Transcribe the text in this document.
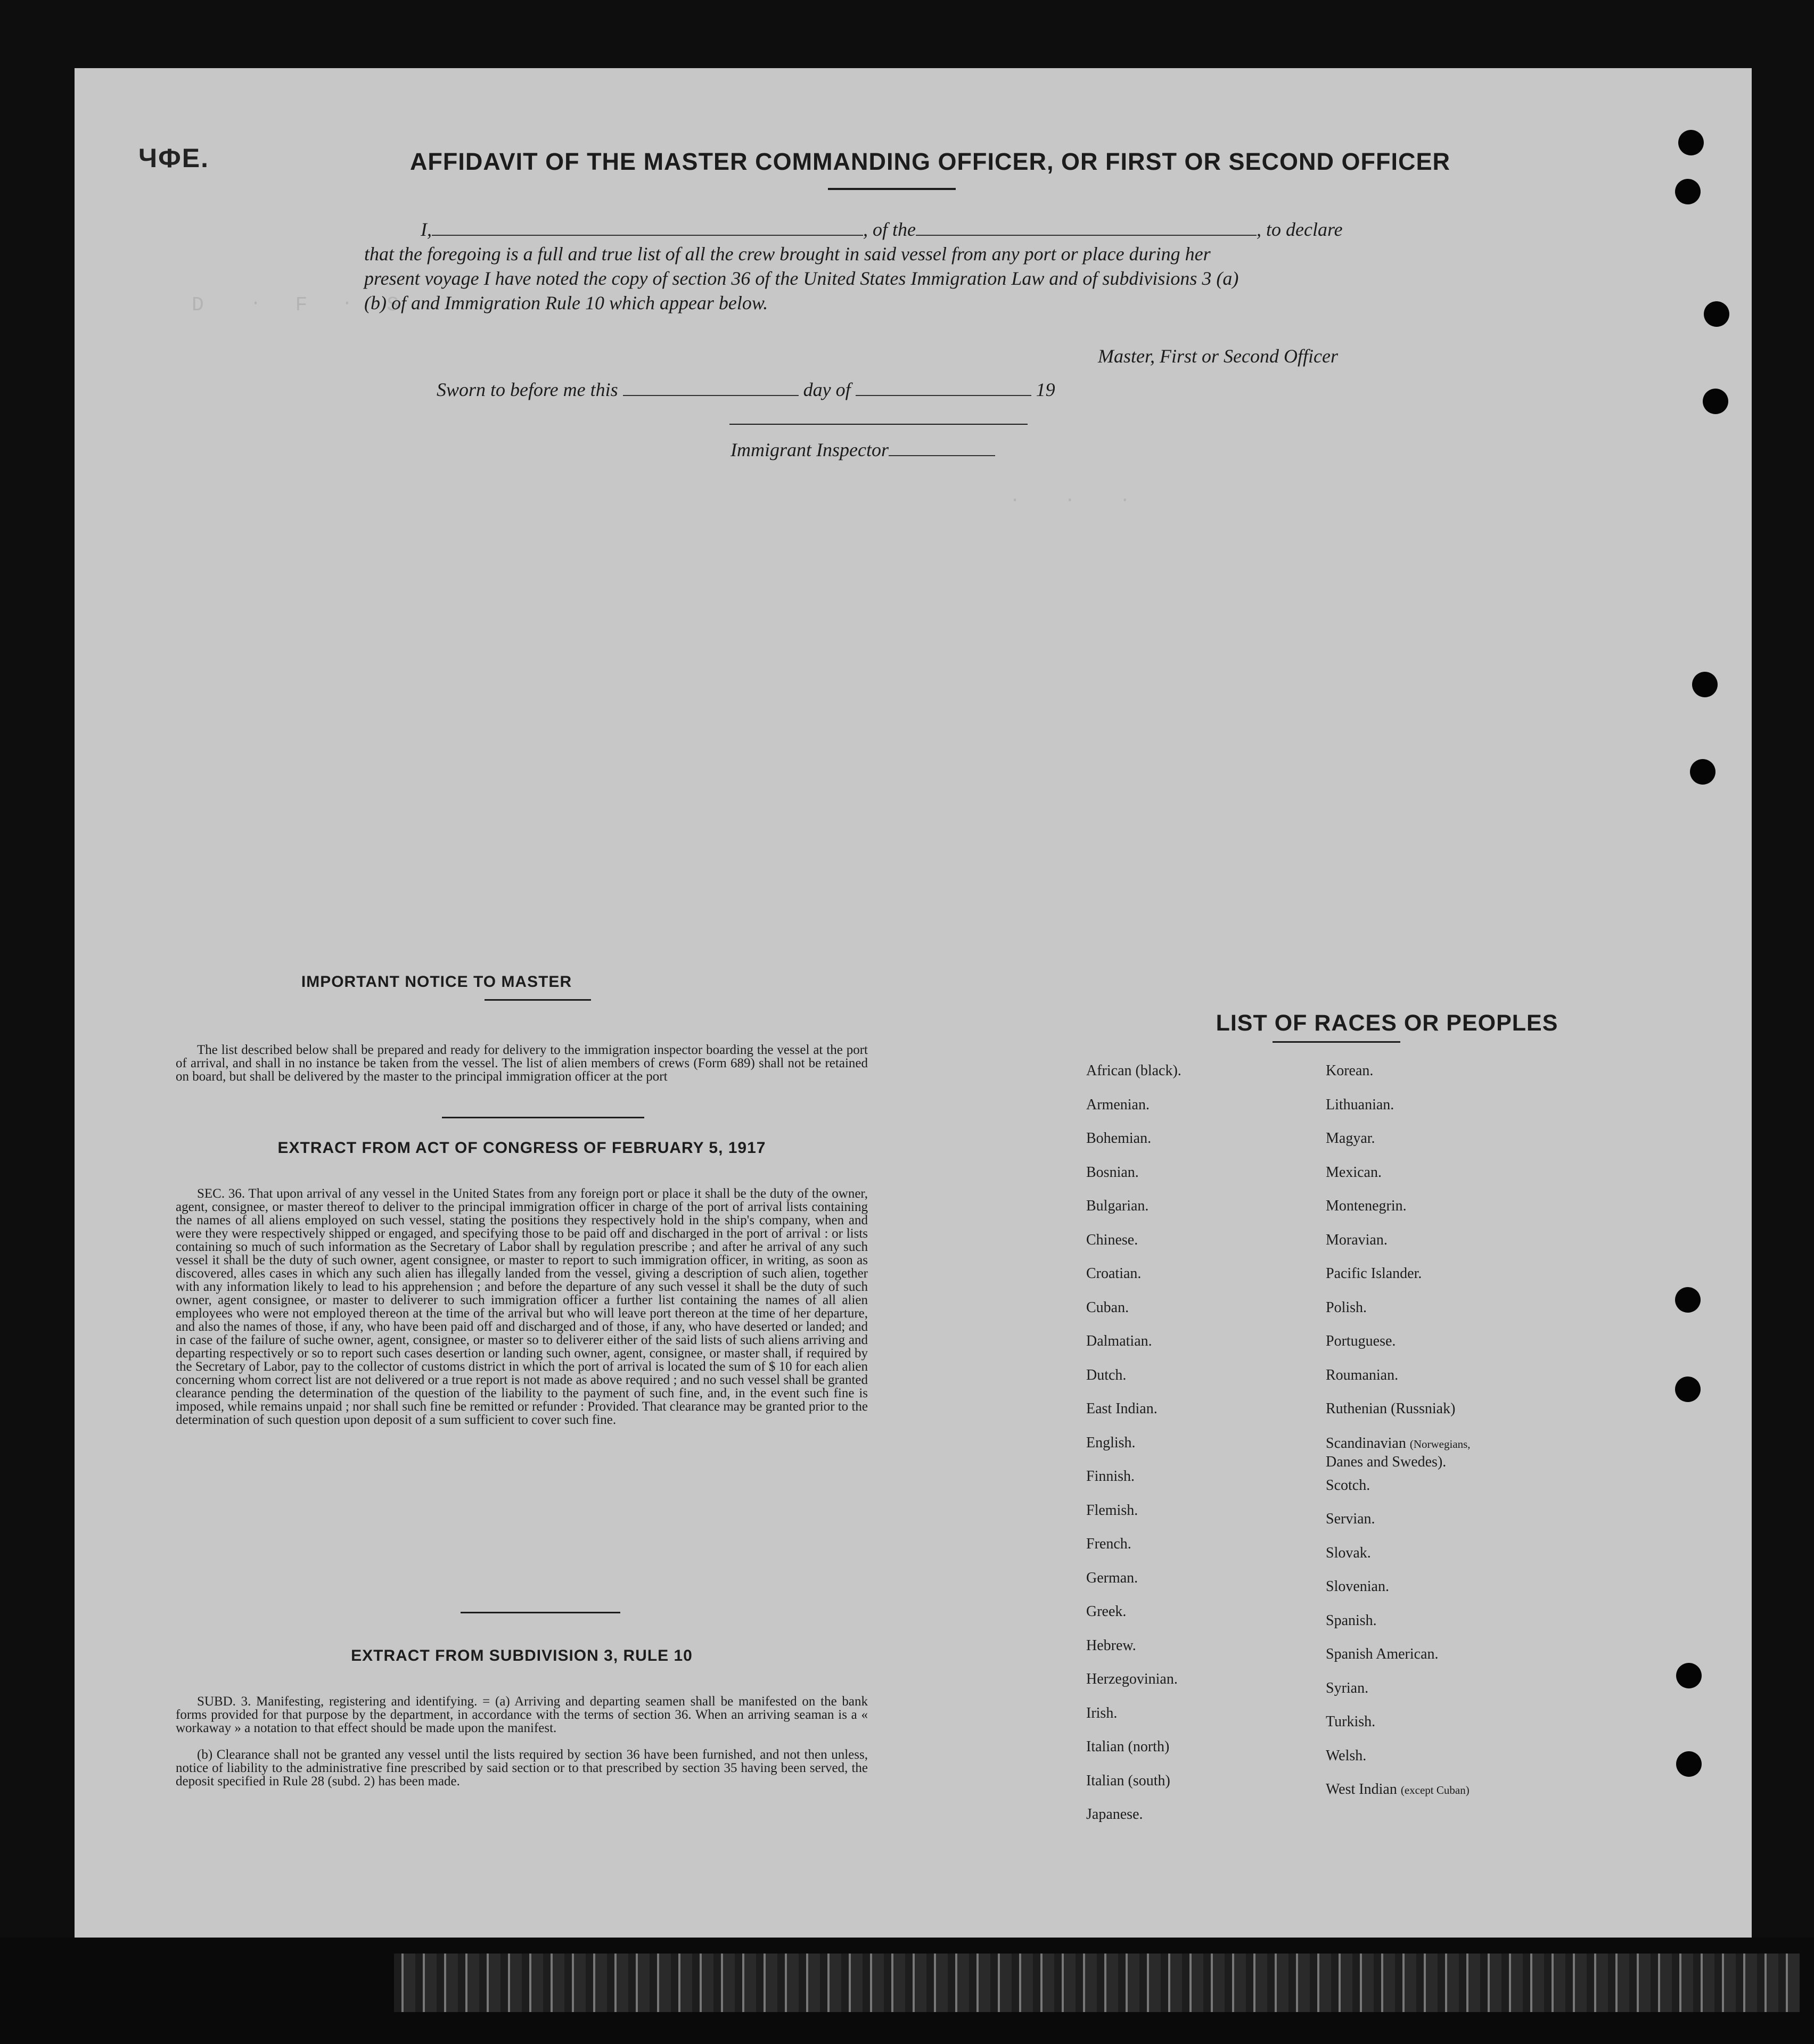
D    ‧   F   ‧   S   ‧
‧    ‧    ‧
ЧФЕ.	AFFIDAVIT OF THE MASTER COMMANDING OFFICER, OR FIRST OR SECOND OFFICER
I,	, of the	, to declare
that the foregoing is a full and true list of all the crew brought in said vessel from any port or place during her
present voyage I have noted the copy of section 36 of the United States Immigration Law and of subdivisions 3 (a)
(b) of and Immigration Rule 10 which appear below.
Master, First or Second Officer
Sworn to before me this	day of	19
Immigrant Inspector
IMPORTANT NOTICE TO MASTER
The list described below shall be prepared and ready for delivery to the immigration inspector boarding the vessel at the port of arrival, and shall in no instance be taken from the vessel. The list of alien members of crews (Form 689) shall not be retained on board, but shall be delivered by the master to the principal immigration officer at the port
EXTRACT FROM ACT OF CONGRESS OF FEBRUARY 5, 1917
SEC. 36. That upon arrival of any vessel in the United States from any foreign port or place it shall be the duty of the owner, agent, consignee, or master thereof to deliver to the principal immigration officer in charge of the port of arrival lists containing the names of all aliens employed on such vessel, stating the positions they respectively hold in the ship's company, when and were they were respectively shipped or engaged, and specifying those to be paid off and discharged in the port of arrival : or lists containing so much of such information as the Secretary of Labor shall by regulation prescribe ; and after he arrival of any such vessel it shall be the duty of such owner, agent consignee, or master to report to such immigration officer, in writing, as soon as discovered, alles cases in which any such alien has illegally landed from the vessel, giving a description of such alien, together with any information likely to lead to his apprehension ; and before the departure of any such vessel it shall be the duty of such owner, agent consignee, or master to deliverer to such immigration officer a further list containing the names of all alien employees who were not employed thereon at the time of the arrival but who will leave port thereon at the time of her departure, and also the names of those, if any, who have been paid off and discharged and of those, if any, who have deserted or landed; and in case of the failure of suche owner, agent, consignee, or master so to deliverer either of the said lists of such aliens arriving and departing respectively or so to report such cases desertion or landing such owner, agent, consignee, or master shall, if required by the Secretary of Labor, pay to the collector of customs district in which the port of arrival is located the sum of $ 10 for each alien concerning whom correct list are not delivered or a true report is not made as above required ; and no such vessel shall be granted clearance pending the determination of the question of the liability to the payment of such fine, and, in the event such fine is imposed, while remains unpaid ; nor shall such fine be remitted or refunder : Provided. That clearance may be granted prior to the determination of such question upon deposit of a sum sufficient to cover such fine.
EXTRACT FROM SUBDIVISION 3, RULE 10
SUBD. 3. Manifesting, registering and identifying. = (a) Arriving and departing seamen shall be manifested on the bank forms provided for that purpose by the department, in accordance with the terms of section 36. When an arriving seaman is a « workaway » a notation to that effect should be made upon the manifest.
(b) Clearance shall not be granted any vessel until the lists required by section 36 have been furnished, and not then unless, notice of liability to the administrative fine prescribed by said section or to that prescribed by section 35 having been served, the deposit specified in Rule 28 (subd. 2) has been made.
LIST OF RACES OR PEOPLES
African (black).
Armenian.
Bohemian.
Bosnian.
Bulgarian.
Chinese.
Croatian.
Cuban.
Dalmatian.
Dutch.
East Indian.
English.
Finnish.
Flemish.
French.
German.
Greek.
Hebrew.
Herzegovinian.
Irish.
Italian (north)
Italian (south)
Japanese.
Korean.
Lithuanian.
Magyar.
Mexican.
Montenegrin.
Moravian.
Pacific Islander.
Polish.
Portuguese.
Roumanian.
Ruthenian (Russniak)
Scandinavian (Norwegians,
Danes and Swedes).
Scotch.
Servian.
Slovak.
Slovenian.
Spanish.
Spanish American.
Syrian.
Turkish.
Welsh.
West Indian (except Cuban)
